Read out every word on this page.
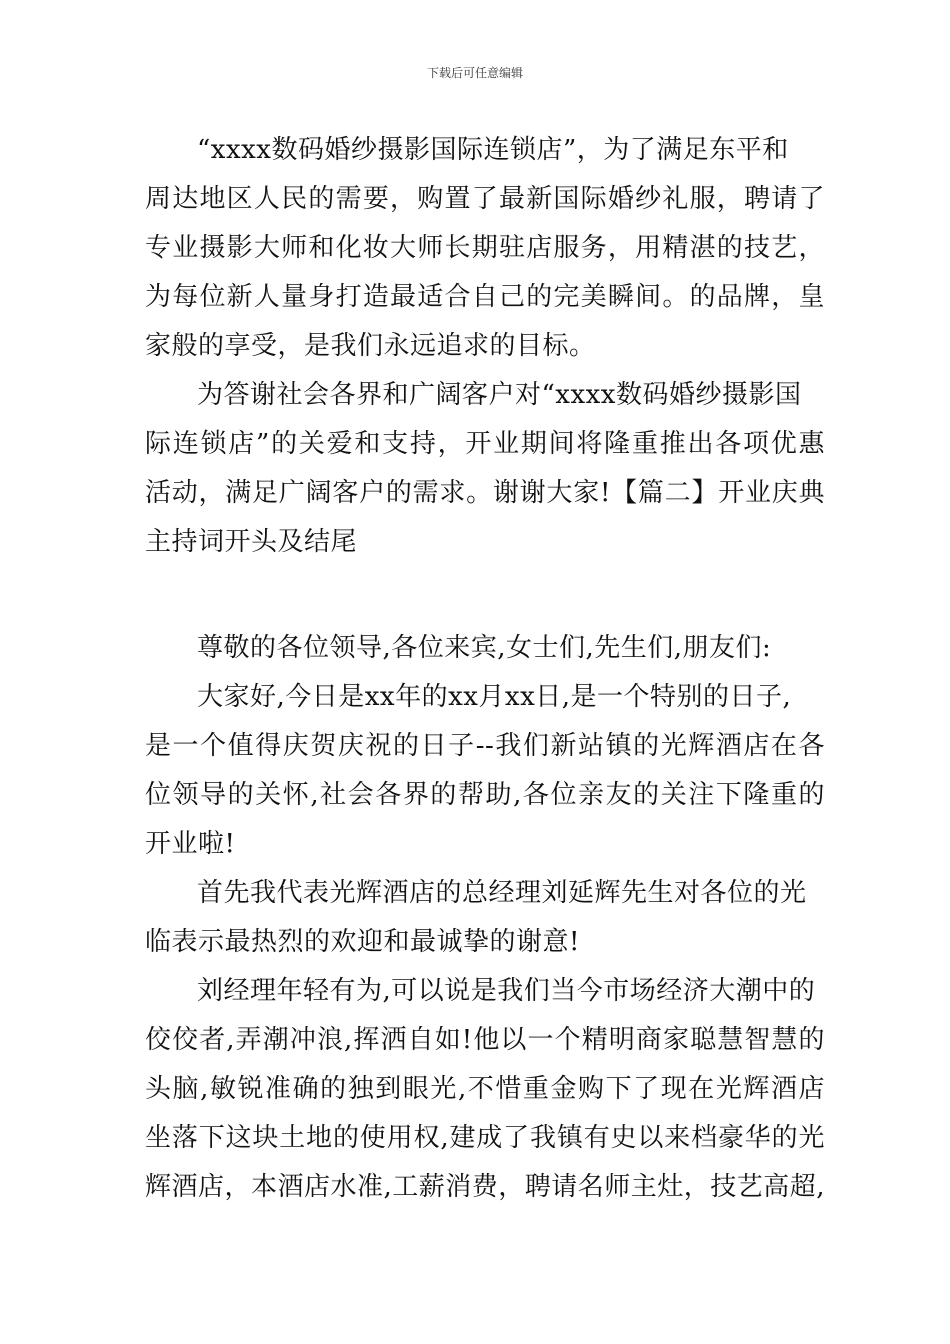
下载后可任意编辑
“xxxx数码婚纱摄影国际连锁店”，为了满足东平和
周达地区人民的需要，购置了最新国际婚纱礼服，聘请了
专业摄影大师和化妆大师长期驻店服务，用精湛的技艺，
为每位新人量身打造最适合自己的完美瞬间。的品牌，皇
家般的享受，是我们永远追求的目标。
为答谢社会各界和广阔客户对“xxxx数码婚纱摄影国
际连锁店”的关爱和支持，开业期间将隆重推出各项优惠
活动，满足广阔客户的需求。谢谢大家!【篇二】开业庆典
主持词开头及结尾
尊敬的各位领导,各位来宾,女士们,先生们,朋友们:
大家好,今日是xx年的xx月xx日,是一个特别的日子,
是一个值得庆贺庆祝的日子--我们新站镇的光辉酒店在各
位领导的关怀,社会各界的帮助,各位亲友的关注下隆重的
开业啦!
首先我代表光辉酒店的总经理刘延辉先生对各位的光
临表示最热烈的欢迎和最诚挚的谢意!
刘经理年轻有为,可以说是我们当今市场经济大潮中的
佼佼者,弄潮冲浪,挥洒自如!他以一个精明商家聪慧智慧的
头脑,敏锐准确的独到眼光,不惜重金购下了现在光辉酒店
坐落下这块土地的使用权,建成了我镇有史以来档豪华的光
辉酒店，本酒店水准,工薪消费，聘请名师主灶，技艺高超,
